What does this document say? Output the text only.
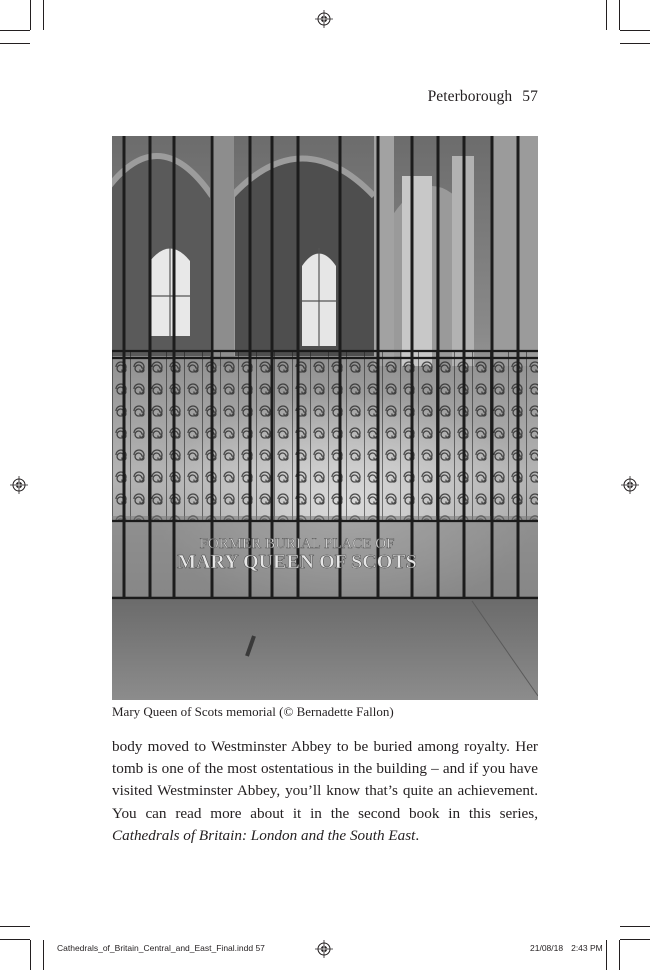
Peterborough 57
FORMER BURIAL PLACE OF
MARY QUEEN OF SCOTS
Mary Queen of Scots memorial (© Bernadette Fallon)

body moved to Westminster Abbey to be buried among royalty. Her tomb is one of the most ostentatious in the building – and if you have visited Westminster Abbey, you’ll know that’s quite an achievement. You can read more about it in the second book in this series, Cathedrals of Britain: London and the South East.

Cathedrals_of_Britain_Central_and_East_Final.indd 57	21/08/18 2:43 PM
